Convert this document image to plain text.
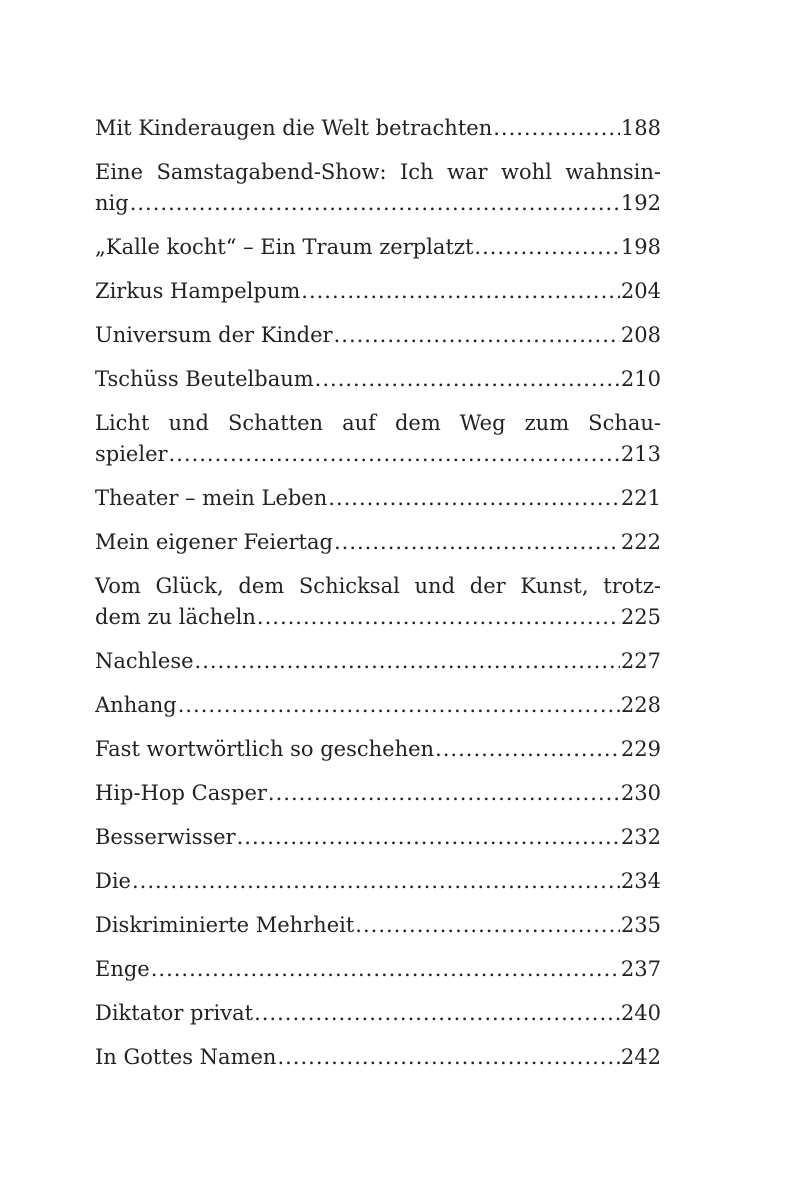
Mit Kinderaugen die Welt betrachten .....	188
Eine Samstagabend-Show: Ich war wohl wahnsin-
nig .....	192
„Kalle kocht“ – Ein Traum zerplatzt .....	198
Zirkus Hampelpum .....	204
Universum der Kinder .....	208
Tschüss Beutelbaum .....	210
Licht und Schatten auf dem Weg zum Schau-
spieler .....	213
Theater – mein Leben .....	221
Mein eigener Feiertag .....	222
Vom Glück, dem Schicksal und der Kunst, trotz-
dem zu lächeln .....	225
Nachlese .....	227
Anhang .....	228
Fast wortwörtlich so geschehen .....	229
Hip-Hop Casper .....	230
Besserwisser .....	232
Die .....	234
Diskriminierte Mehrheit .....	235
Enge .....	237
Diktator privat .....	240
In Gottes Namen .....	242
